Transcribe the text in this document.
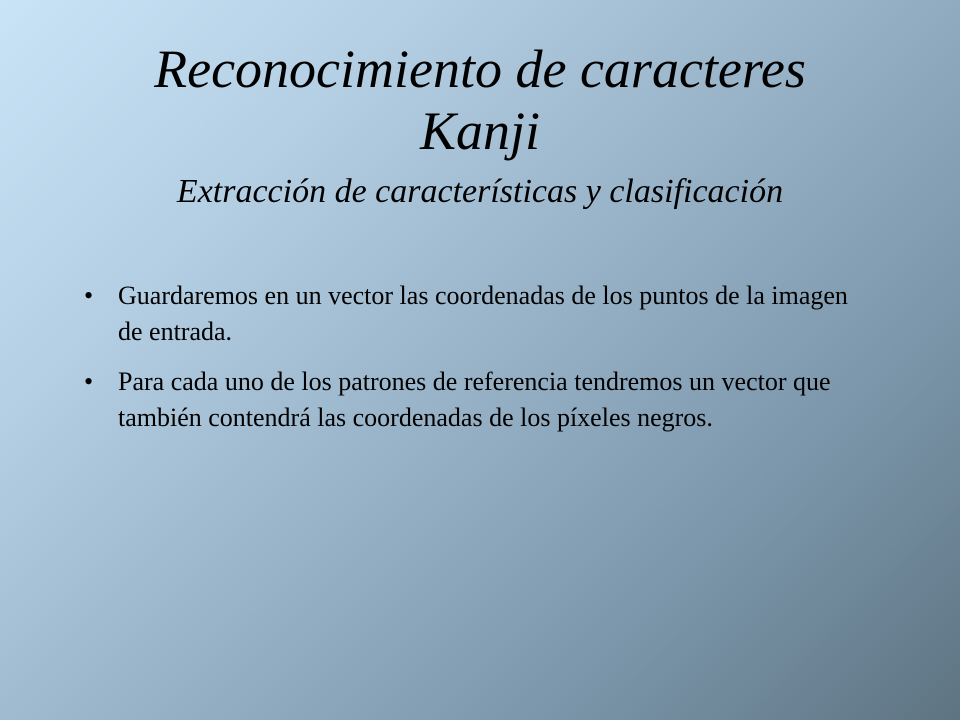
Reconocimiento de caracteres
Kanji
Extracción de características y clasificación
• Guardaremos en un vector las coordenadas de los puntos de la imagen de entrada.
• Para cada uno de los patrones de referencia tendremos un vector que también contendrá las coordenadas de los píxeles negros.
